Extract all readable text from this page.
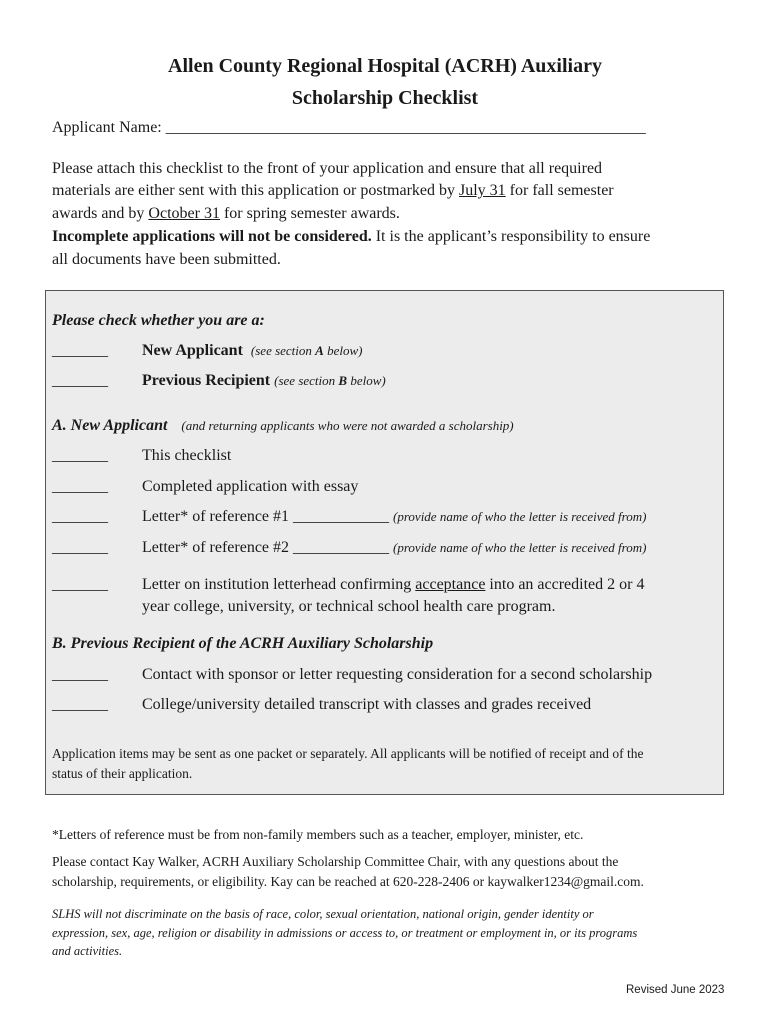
Allen County Regional Hospital (ACRH) Auxiliary
Scholarship Checklist
Applicant Name: ____________________________________________________________
Please attach this checklist to the front of your application and ensure that all required
materials are either sent with this application or postmarked by July 31 for fall semester
awards and by October 31 for spring semester awards.
Incomplete applications will not be considered. It is the applicant’s responsibility to ensure
all documents have been submitted.
Please check whether you are a:
_______ New Applicant (see section A below)
_______ Previous Recipient (see section B below)
A. New Applicant (and returning applicants who were not awarded a scholarship)
_______ This checklist
_______ Completed application with essay
_______ Letter* of reference #1 ____________ (provide name of who the letter is received from)
_______ Letter* of reference #2 ____________ (provide name of who the letter is received from)
_______ Letter on institution letterhead confirming acceptance into an accredited 2 or 4
year college, university, or technical school health care program.
B. Previous Recipient of the ACRH Auxiliary Scholarship
_______ Contact with sponsor or letter requesting consideration for a second scholarship
_______ College/university detailed transcript with classes and grades received
Application items may be sent as one packet or separately. All applicants will be notified of receipt and of the
status of their application.
*Letters of reference must be from non-family members such as a teacher, employer, minister, etc.
Please contact Kay Walker, ACRH Auxiliary Scholarship Committee Chair, with any questions about the
scholarship, requirements, or eligibility. Kay can be reached at 620-228-2406 or kaywalker1234@gmail.com.
SLHS will not discriminate on the basis of race, color, sexual orientation, national origin, gender identity or
expression, sex, age, religion or disability in admissions or access to, or treatment or employment in, or its programs
and activities.
Revised June 2023
